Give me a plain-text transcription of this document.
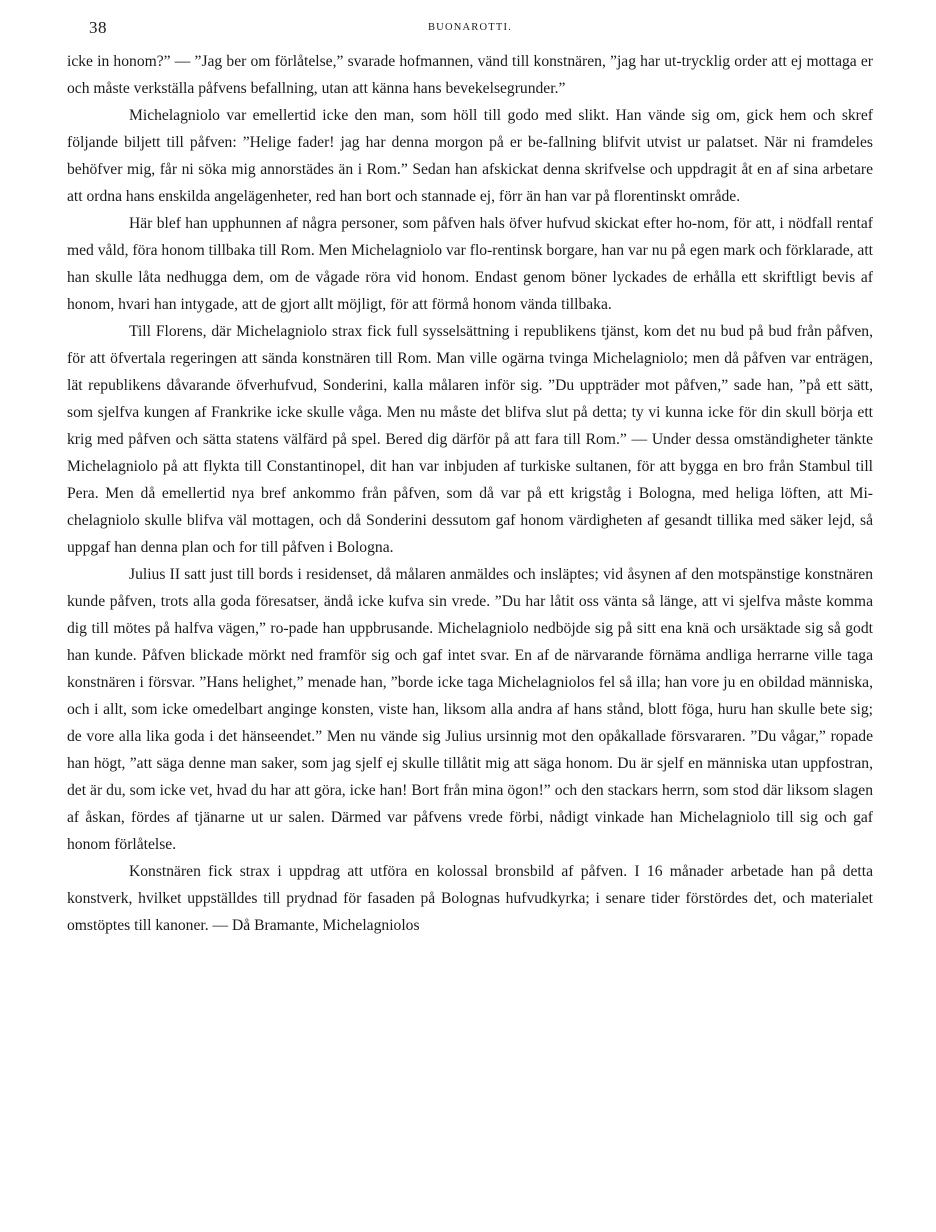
38	BUONAROTTI.

icke in honom?” — ”Jag ber om förlåtelse,” svarade hofmannen, vänd till konstnären, ”jag har ut-trycklig order att ej mottaga er och måste verkställa påfvens befallning, utan att känna hans bevekelsegrunder.”

Michelagniolo var emellertid icke den man, som höll till godo med slikt. Han vände sig om, gick hem och skref följande biljett till påfven: ”Helige fader! jag har denna morgon på er be-fallning blifvit utvist ur palatset. När ni framdeles behöfver mig, får ni söka mig annorstädes än i Rom.” Sedan han afskickat denna skrifvelse och uppdragit åt en af sina arbetare att ordna hans enskilda angelägenheter, red han bort och stannade ej, förr än han var på florentinskt område.

Här blef han upphunnen af några personer, som påfven hals öfver hufvud skickat efter ho-nom, för att, i nödfall rentaf med våld, föra honom tillbaka till Rom. Men Michelagniolo var flo-rentinsk borgare, han var nu på egen mark och förklarade, att han skulle låta nedhugga dem, om de vågade röra vid honom. Endast genom böner lyckades de erhålla ett skriftligt bevis af honom, hvari han intygade, att de gjort allt möjligt, för att förmå honom vända tillbaka.

Till Florens, där Michelagniolo strax fick full sysselsättning i republikens tjänst, kom det nu bud på bud från påfven, för att öfvertala regeringen att sända konstnären till Rom. Man ville ogärna tvinga Michelagniolo; men då påfven var enträgen, lät republikens dåvarande öfverhufvud, Sonderini, kalla målaren inför sig. ”Du uppträder mot påfven,” sade han, ”på ett sätt, som sjelfva kungen af Frankrike icke skulle våga. Men nu måste det blifva slut på detta; ty vi kunna icke för din skull börja ett krig med påfven och sätta statens välfärd på spel. Bered dig därför på att fara till Rom.” — Under dessa omständigheter tänkte Michelagniolo på att flykta till Constantinopel, dit han var inbjuden af turkiske sultanen, för att bygga en bro från Stambul till Pera. Men då emellertid nya bref ankommo från påfven, som då var på ett krigståg i Bologna, med heliga löften, att Mi-chelagniolo skulle blifva väl mottagen, och då Sonderini dessutom gaf honom värdigheten af gesandt tillika med säker lejd, så uppgaf han denna plan och for till påfven i Bologna.

Julius II satt just till bords i residenset, då målaren anmäldes och insläptes; vid åsynen af den motspänstige konstnären kunde påfven, trots alla goda föresatser, ändå icke kufva sin vrede. ”Du har låtit oss vänta så länge, att vi sjelfva måste komma dig till mötes på halfva vägen,” ro-pade han uppbrusande. Michelagniolo nedböjde sig på sitt ena knä och ursäktade sig så godt han kunde. Påfven blickade mörkt ned framför sig och gaf intet svar. En af de närvarande förnäma andliga herrarne ville taga konstnären i försvar. ”Hans helighet,” menade han, ”borde icke taga Michelagniolos fel så illa; han vore ju en obildad människa, och i allt, som icke omedelbart anginge konsten, viste han, liksom alla andra af hans stånd, blott föga, huru han skulle bete sig; de vore alla lika goda i det hänseendet.” Men nu vände sig Julius ursinnig mot den opåkallade försvararen. ”Du vågar,” ropade han högt, ”att säga denne man saker, som jag sjelf ej skulle tillåtit mig att säga honom. Du är sjelf en människa utan uppfostran, det är du, som icke vet, hvad du har att göra, icke han! Bort från mina ögon!” och den stackars herrn, som stod där liksom slagen af åskan, fördes af tjänarne ut ur salen. Därmed var påfvens vrede förbi, nådigt vinkade han Michelagniolo till sig och gaf honom förlåtelse.

Konstnären fick strax i uppdrag att utföra en kolossal bronsbild af påfven. I 16 månader arbetade han på detta konstverk, hvilket uppställdes till prydnad för fasaden på Bolognas hufvudkyrka; i senare tider förstördes det, och materialet omstöptes till kanoner. — Då Bramante, Michelagniolos
